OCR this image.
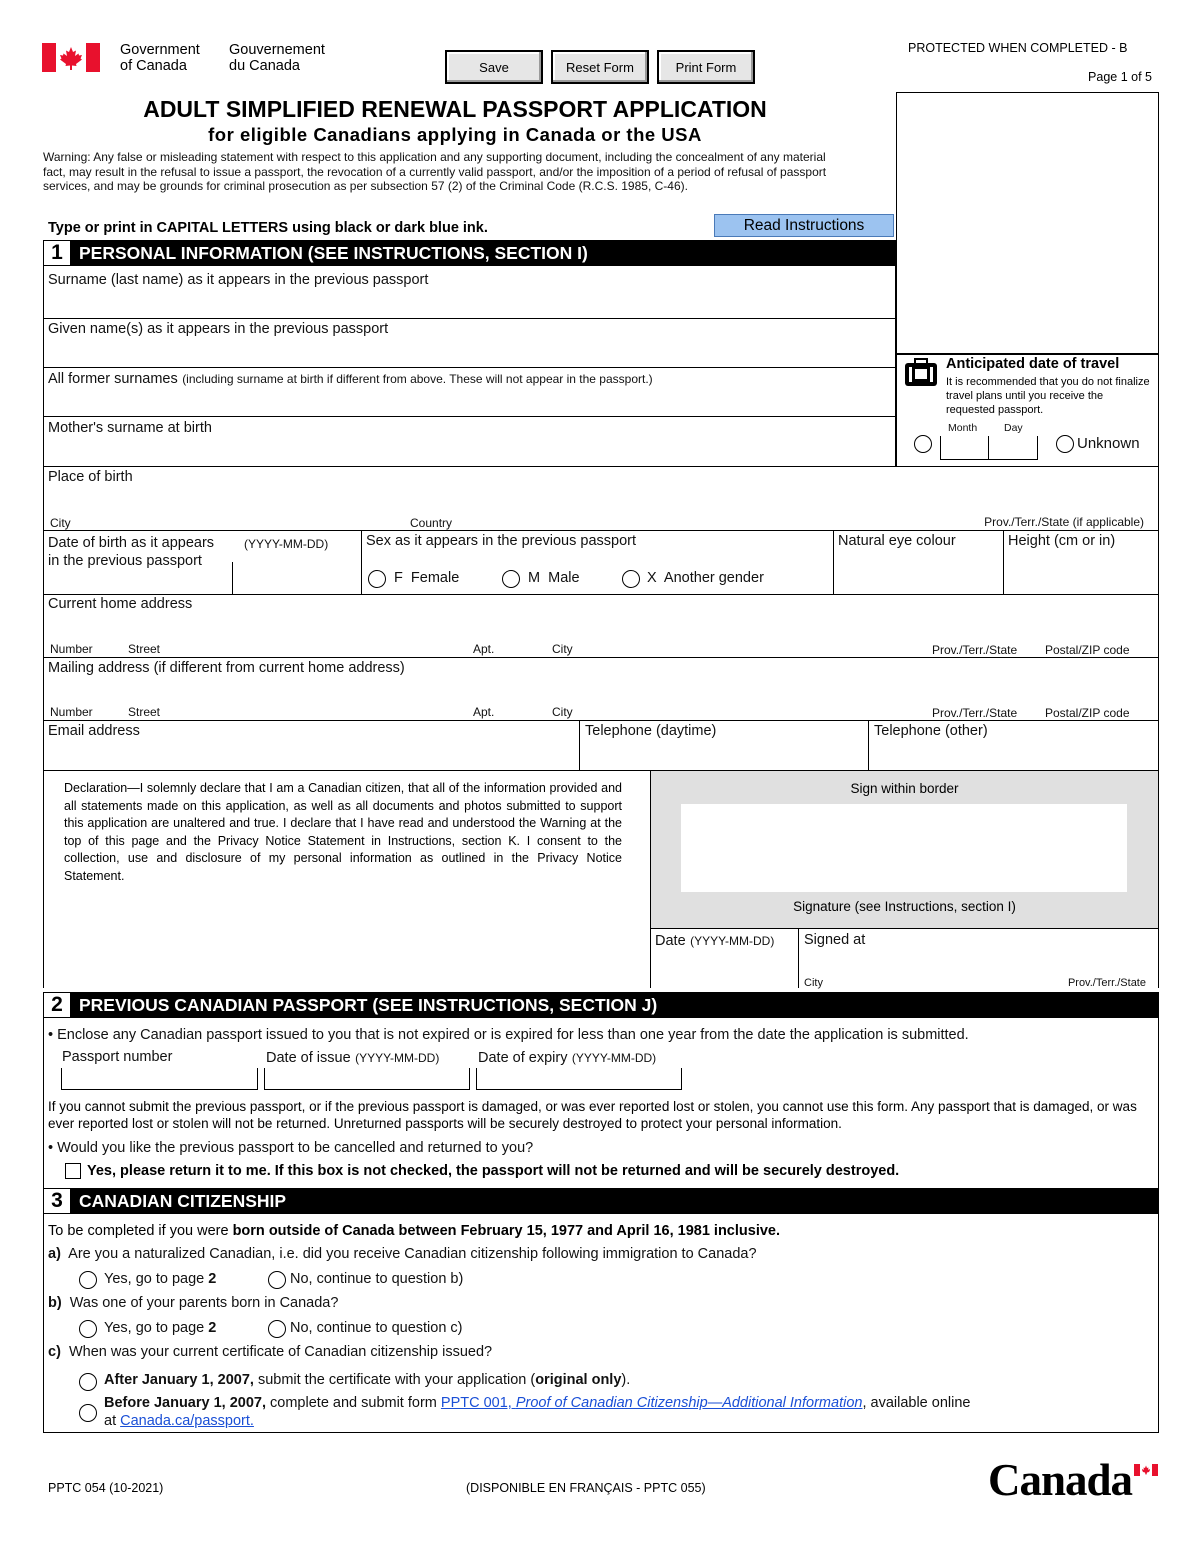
Government
of Canada
Gouvernement
du Canada	Save	Reset Form	Print Form
PROTECTED WHEN COMPLETED - B
Page 1 of 5
ADULT SIMPLIFIED RENEWAL PASSPORT APPLICATION
for eligible Canadians applying in Canada or the USA
Warning: Any false or misleading statement with respect to this application and any supporting document, including the concealment of any material fact, may result in the refusal to issue a passport, the revocation of a currently valid passport, and/or the imposition of a period of refusal of passport services, and may be grounds for criminal prosecution as per subsection 57 (2) of the Criminal Code (R.C.S. 1985, C-46).
Type or print in CAPITAL LETTERS using black or dark blue ink.	Read Instructions
1 PERSONAL INFORMATION (SEE INSTRUCTIONS, SECTION I)
Anticipated date of travel
It is recommended that you do not finalize travel plans until you receive the requested passport.
Month	Day
Unknown
Surname (last name) as it appears in the previous passport
Given name(s) as it appears in the previous passport
All former surnames (including surname at birth if different from above. These will not appear in the passport.)
Mother's surname at birth
Place of birth
City	Country	Prov./Terr./State (if applicable)
Date of birth as it appears in the previous passport
(YYYY-MM-DD)	Sex as it appears in the previous passport
F  Female	M  Male	X  Another gender
Natural eye colour	Height (cm or in)
Current home address
Number	Street	Apt.	City	Prov./Terr./State Postal/ZIP code
Mailing address (if different from current home address)
Number	Street	Apt.	City	Prov./Terr./State Postal/ZIP code
Email address	Telephone (daytime)	Telephone (other)
Declaration—I solemnly declare that I am a Canadian citizen, that all of the information provided and all statements made on this application, as well as all documents and photos submitted to support this application are unaltered and true. I declare that I have read and understood the Warning at the top of this page and the Privacy Notice Statement in Instructions, section K. I consent to the collection, use and disclosure of my personal information as outlined in the Privacy Notice Statement.
Sign within border
Signature (see Instructions, section I)
Date (YYYY-MM-DD) Signed at
City	Prov./Terr./State
2 PREVIOUS CANADIAN PASSPORT (SEE INSTRUCTIONS, SECTION J)
• Enclose any Canadian passport issued to you that is not expired or is expired for less than one year from the date the application is submitted.
Passport number	Date of issue (YYYY-MM-DD)	Date of expiry (YYYY-MM-DD)
If you cannot submit the previous passport, or if the previous passport is damaged, or was ever reported lost or stolen, you cannot use this form. Any passport that is damaged, or was ever reported lost or stolen will not be returned. Unreturned passports will be securely destroyed to protect your personal information.
• Would you like the previous passport to be cancelled and returned to you?
Yes, please return it to me. If this box is not checked, the passport will not be returned and will be securely destroyed.
3 CANADIAN CITIZENSHIP
To be completed if you were born outside of Canada between February 15, 1977 and April 16, 1981 inclusive.
a) Are you a naturalized Canadian, i.e. did you receive Canadian citizenship following immigration to Canada?
Yes, go to page 2	No, continue to question b)
b) Was one of your parents born in Canada?
Yes, go to page 2	No, continue to question c)
c) When was your current certificate of Canadian citizenship issued?
After January 1, 2007, submit the certificate with your application (original only).
Before January 1, 2007, complete and submit form PPTC 001, Proof of Canadian Citizenship—Additional Information, available online
at Canada.ca/passport.
PPTC 054 (10-2021)	(DISPONIBLE EN FRANÇAIS - PPTC 055)	Canada
